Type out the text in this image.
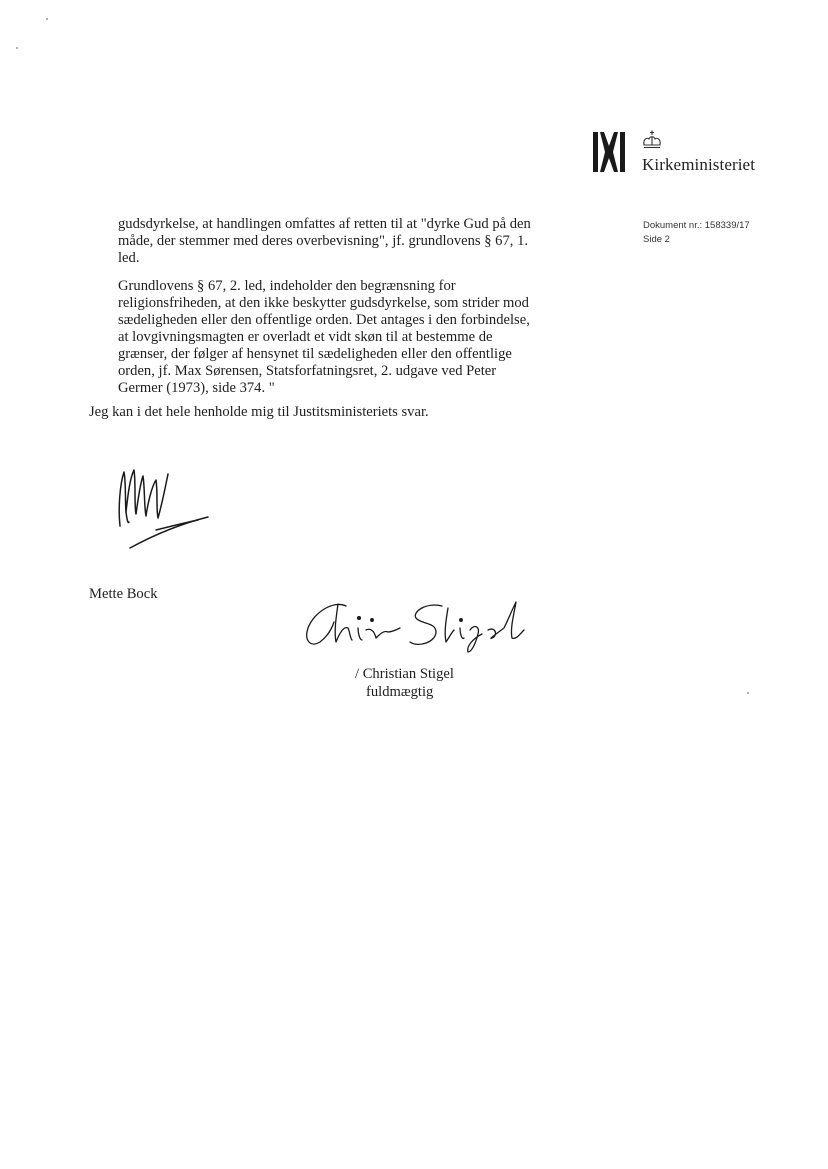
Kirkeministeriet
Dokument nr.: 158339/17
Side 2

gudsdyrkelse, at handlingen omfattes af retten til at "dyrke Gud på den
måde, der stemmer med deres overbevisning", jf. grundlovens § 67, 1.
led.

Grundlovens § 67, 2. led, indeholder den begrænsning for
religionsfriheden, at den ikke beskytter gudsdyrkelse, som strider mod
sædeligheden eller den offentlige orden. Det antages i den forbindelse,
at lovgivningsmagten er overladt et vidt skøn til at bestemme de
grænser, der følger af hensynet til sædeligheden eller den offentlige
orden, jf. Max Sørensen, Statsforfatningsret, 2. udgave ved Peter
Germer (1973), side 374. "

Jeg kan i det hele henholde mig til Justitsministeriets svar.
Mette Bock
/ Christian Stigel
fuldmægtig
